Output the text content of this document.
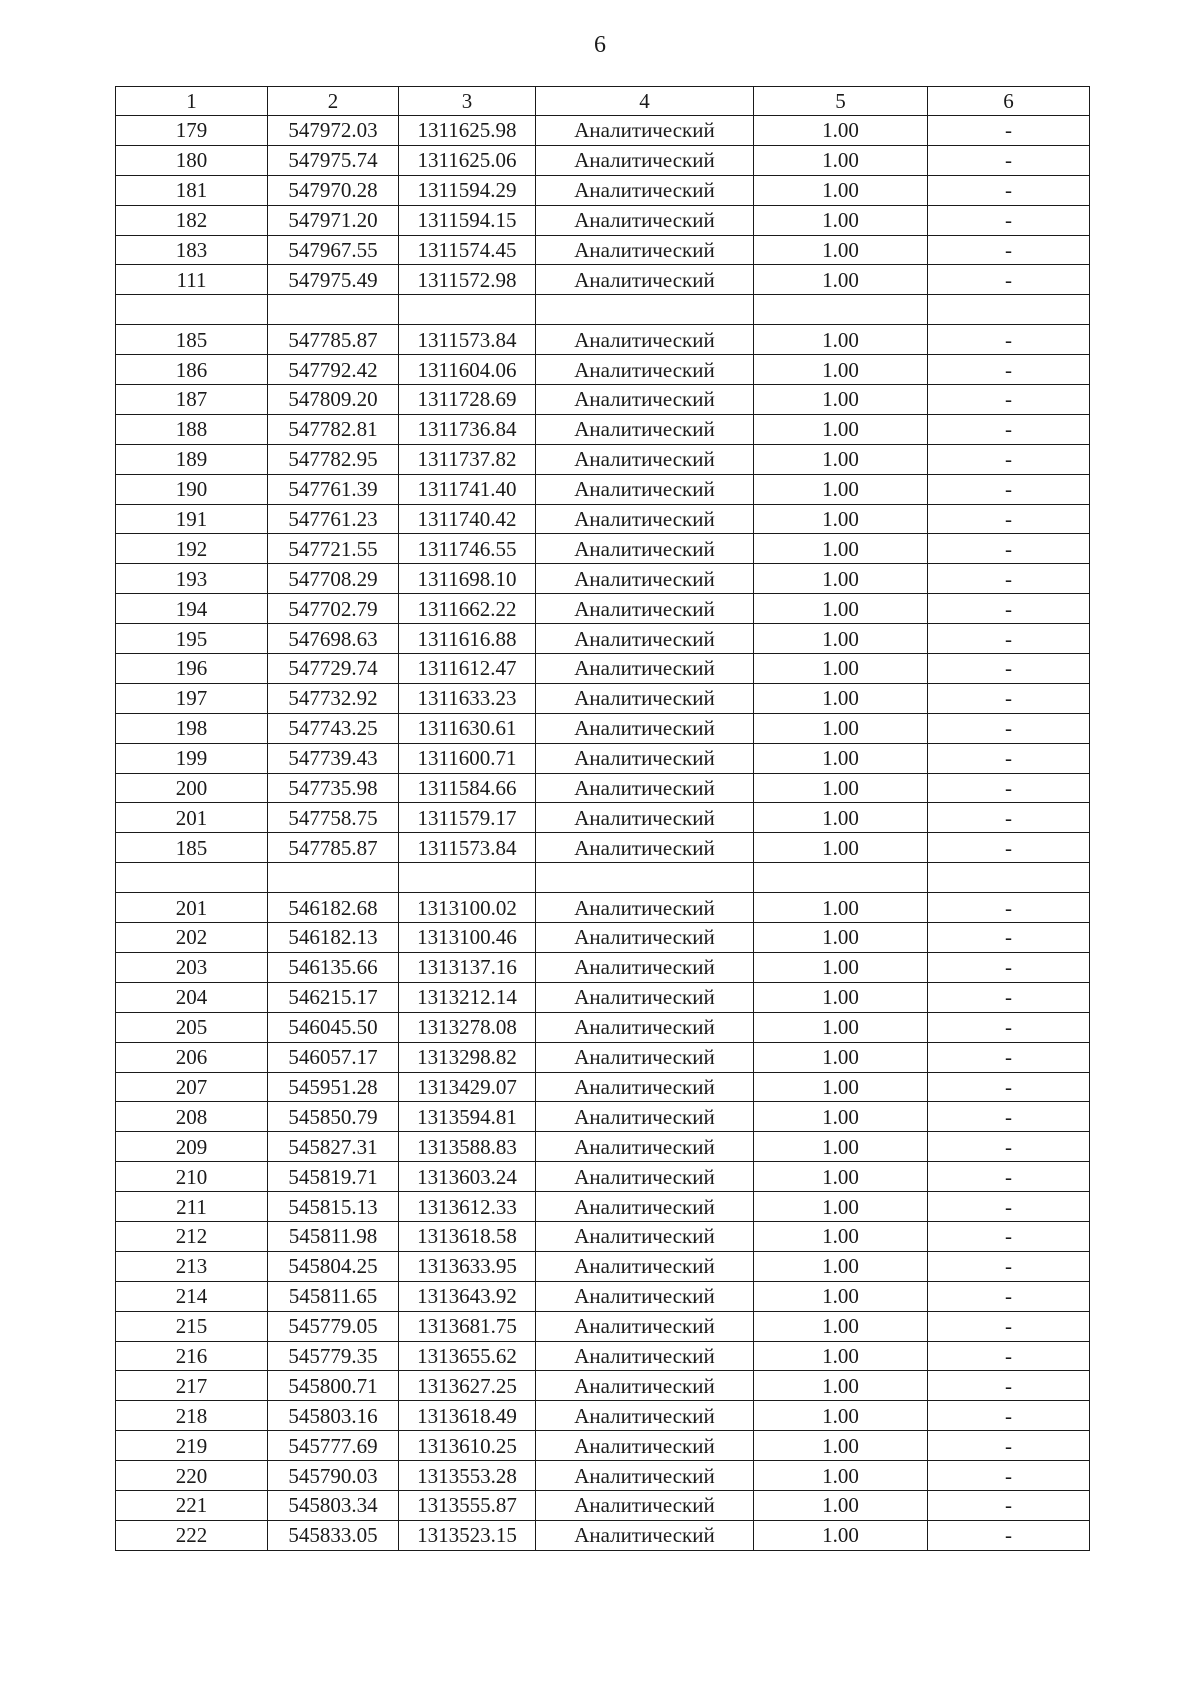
6
1	2	3	4	5	6
179	547972.03	1311625.98	Аналитический	1.00	-
180	547975.74	1311625.06	Аналитический	1.00	-
181	547970.28	1311594.29	Аналитический	1.00	-
182	547971.20	1311594.15	Аналитический	1.00	-
183	547967.55	1311574.45	Аналитический	1.00	-
111	547975.49	1311572.98	Аналитический	1.00	-

185	547785.87	1311573.84	Аналитический	1.00	-
186	547792.42	1311604.06	Аналитический	1.00	-
187	547809.20	1311728.69	Аналитический	1.00	-
188	547782.81	1311736.84	Аналитический	1.00	-
189	547782.95	1311737.82	Аналитический	1.00	-
190	547761.39	1311741.40	Аналитический	1.00	-
191	547761.23	1311740.42	Аналитический	1.00	-
192	547721.55	1311746.55	Аналитический	1.00	-
193	547708.29	1311698.10	Аналитический	1.00	-
194	547702.79	1311662.22	Аналитический	1.00	-
195	547698.63	1311616.88	Аналитический	1.00	-
196	547729.74	1311612.47	Аналитический	1.00	-
197	547732.92	1311633.23	Аналитический	1.00	-
198	547743.25	1311630.61	Аналитический	1.00	-
199	547739.43	1311600.71	Аналитический	1.00	-
200	547735.98	1311584.66	Аналитический	1.00	-
201	547758.75	1311579.17	Аналитический	1.00	-
185	547785.87	1311573.84	Аналитический	1.00	-

201	546182.68	1313100.02	Аналитический	1.00	-
202	546182.13	1313100.46	Аналитический	1.00	-
203	546135.66	1313137.16	Аналитический	1.00	-
204	546215.17	1313212.14	Аналитический	1.00	-
205	546045.50	1313278.08	Аналитический	1.00	-
206	546057.17	1313298.82	Аналитический	1.00	-
207	545951.28	1313429.07	Аналитический	1.00	-
208	545850.79	1313594.81	Аналитический	1.00	-
209	545827.31	1313588.83	Аналитический	1.00	-
210	545819.71	1313603.24	Аналитический	1.00	-
211	545815.13	1313612.33	Аналитический	1.00	-
212	545811.98	1313618.58	Аналитический	1.00	-
213	545804.25	1313633.95	Аналитический	1.00	-
214	545811.65	1313643.92	Аналитический	1.00	-
215	545779.05	1313681.75	Аналитический	1.00	-
216	545779.35	1313655.62	Аналитический	1.00	-
217	545800.71	1313627.25	Аналитический	1.00	-
218	545803.16	1313618.49	Аналитический	1.00	-
219	545777.69	1313610.25	Аналитический	1.00	-
220	545790.03	1313553.28	Аналитический	1.00	-
221	545803.34	1313555.87	Аналитический	1.00	-
222	545833.05	1313523.15	Аналитический	1.00	-
